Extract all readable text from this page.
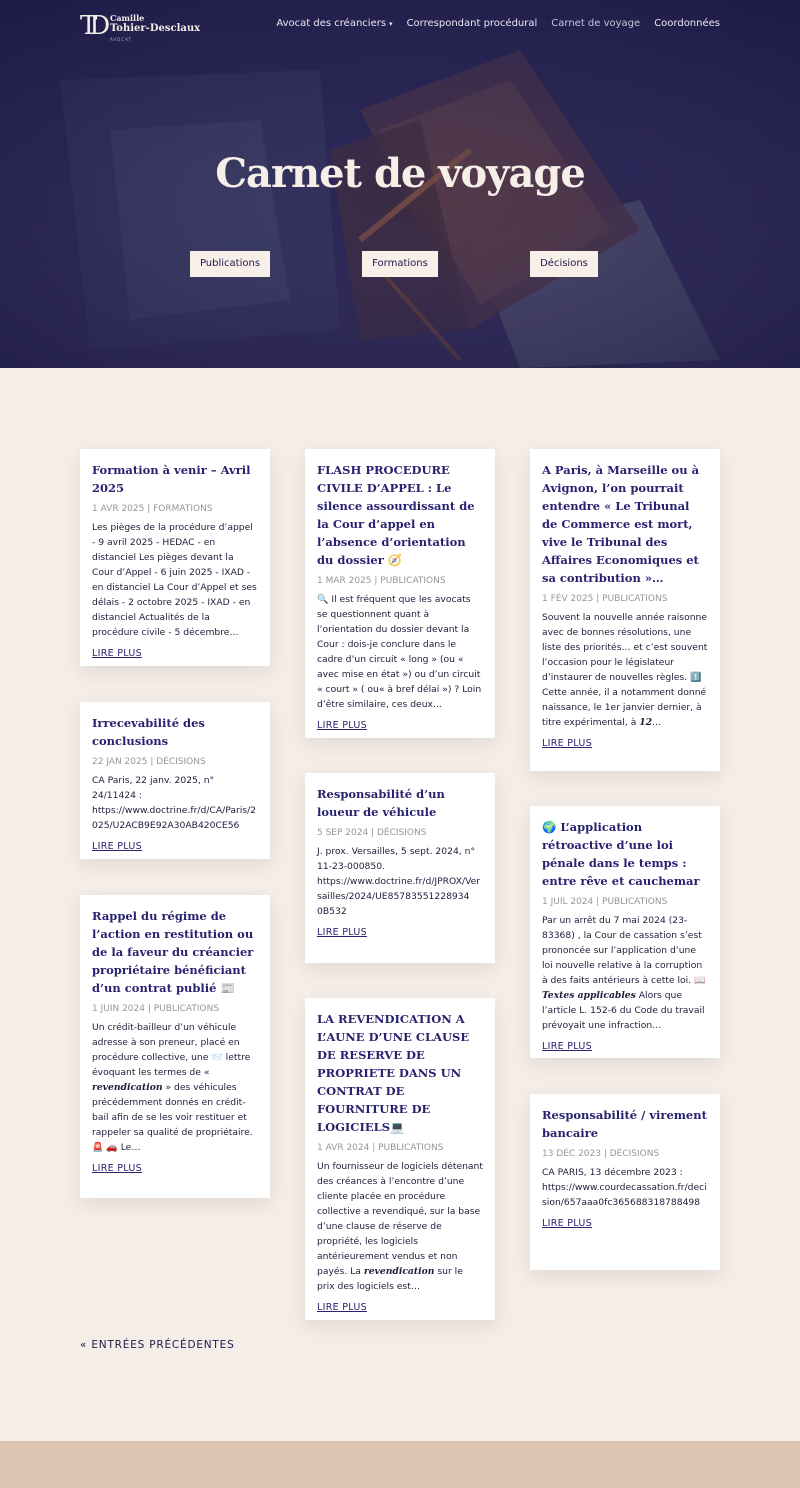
TD Camille
Tohier-Desclaux
AVOCAT
Avocat des créanciers ▾ Correspondant procédural Carnet de voyage Coordonnées
Carnet de voyage
Publications	Formations	Décisions
Formation à venir – Avril 2025
1 AVR 2025 | FORMATIONS
Les pièges de la procédure d’appel - 9 avril 2025 - HEDAC - en distanciel Les pièges devant la Cour d’Appel - 6 juin 2025 - IXAD - en distanciel La Cour d’Appel et ses délais - 2 octobre 2025 - IXAD - en distanciel Actualités de la procédure civile - 5 décembre…
LIRE PLUS
Irrecevabilité des conclusions
22 JAN 2025 | DÉCISIONS
CA Paris, 22 janv. 2025, n° 24/11424 : https://www.doctrine.fr/d/CA/Paris/2025/U2ACB9E92A30AB420CE56
LIRE PLUS
Rappel du régime de l’action en restitution ou de la faveur du créancier propriétaire bénéficiant d’un contrat publié 📰
1 JUIN 2024 | PUBLICATIONS
Un crédit-bailleur d’un véhicule adresse à son preneur, placé en procédure collective, une 📨 lettre évoquant les termes de « revendication » des véhicules précédemment donnés en crédit-bail afin de se les voir restituer et rappeler sa qualité de propriétaire. 🚨 🚗 Le…
LIRE PLUS
FLASH PROCEDURE CIVILE D’APPEL : Le silence assourdissant de la Cour d’appel en l’absence d’orientation du dossier 🧭
1 MAR 2025 | PUBLICATIONS
🔍 Il est fréquent que les avocats se questionnent quant à l’orientation du dossier devant la Cour : dois-je conclure dans le cadre d’un circuit « long » (ou « avec mise en état ») ou d’un circuit « court » ( ou« à bref délai ») ? Loin d’être similaire, ces deux…
LIRE PLUS
Responsabilité d’un loueur de véhicule
5 SEP 2024 | DÉCISIONS
J. prox. Versailles, 5 sept. 2024, n° 11-23-000850. https://www.doctrine.fr/d/JPROX/Versailles/2024/UE85783551228934 0B532
LIRE PLUS
LA REVENDICATION A L’AUNE D’UNE CLAUSE DE RESERVE DE PROPRIETE DANS UN CONTRAT DE FOURNITURE DE LOGICIELS💻
1 AVR 2024 | PUBLICATIONS
Un fournisseur de logiciels détenant des créances à l’encontre d’une cliente placée en procédure collective a revendiqué, sur la base d’une clause de réserve de propriété, les logiciels antérieurement vendus et non payés. La revendication sur le prix des logiciels est…
LIRE PLUS
A Paris, à Marseille ou à Avignon, l’on pourrait entendre « Le Tribunal de Commerce est mort, vive le Tribunal des Affaires Economiques et sa contribution »…
1 FÉV 2025 | PUBLICATIONS
Souvent la nouvelle année raisonne avec de bonnes résolutions, une liste des priorités… et c’est souvent l’occasion pour le législateur d’instaurer de nouvelles règles. 1️⃣ Cette année, il a notamment donné naissance, le 1er janvier dernier, à titre expérimental, à 12…
LIRE PLUS
🌍 L’application rétroactive d’une loi pénale dans le temps : entre rêve et cauchemar
1 JUIL 2024 | PUBLICATIONS
Par un arrêt du 7 mai 2024 (23-83368) , la Cour de cassation s’est prononcée sur l’application d’une loi nouvelle relative à la corruption à des faits antérieurs à cette loi. 📖 Textes applicables Alors que l’article L. 152-6 du Code du travail prévoyait une infraction…
LIRE PLUS
Responsabilité / virement bancaire
13 DÉC 2023 | DÉCISIONS
CA PARIS, 13 décembre 2023 : https://www.courdecassation.fr/decision/657aaa0fc365688318788498
LIRE PLUS
« ENTRÉES PRÉCÉDENTES
